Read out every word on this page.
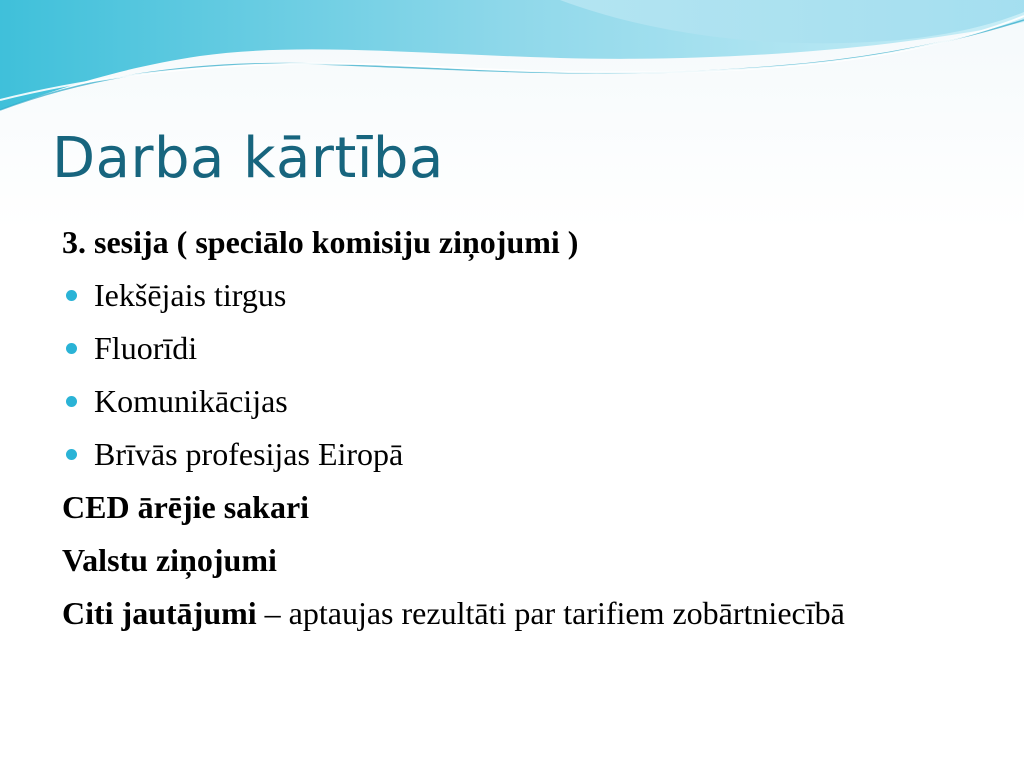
Darba kārtība

3. sesija ( speciālo komisiju ziņojumi )

Iekšējais tirgus

Fluorīdi

Komunikācijas

Brīvās profesijas Eiropā

CED ārējie sakari

Valstu ziņojumi

Citi jautājumi – aptaujas rezultāti par tarifiem zobārtniecībā
